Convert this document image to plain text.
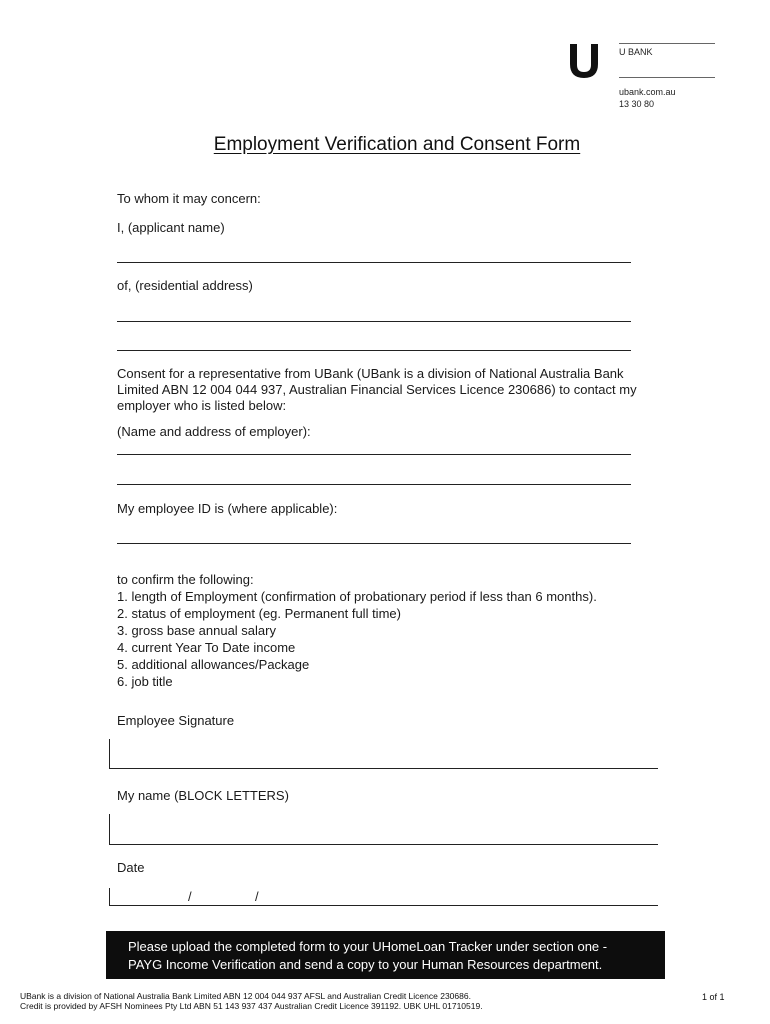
U BANK
ubank.com.au
13 30 80
Employment Verification and Consent Form
To whom it may concern:
I, (applicant name)
of, (residential address)
Consent for a representative from UBank (UBank is a division of National Australia Bank Limited ABN 12 004 044 937, Australian Financial Services Licence 230686) to contact my employer who is listed below:
(Name and address of employer):
My employee ID is (where applicable):
to confirm the following:
1. length of Employment (confirmation of probationary period if less than 6 months).
2. status of employment (eg. Permanent full time)
3. gross base annual salary
4. current Year To Date income
5. additional allowances/Package
6. job title
Employee Signature
My name (BLOCK LETTERS)
Date
/	/
Please upload the completed form to your UHomeLoan Tracker under section one -
PAYG Income Verification and send a copy to your Human Resources department.
UBank is a division of National Australia Bank Limited ABN 12 004 044 937 AFSL and Australian Credit Licence 230686.
Credit is provided by AFSH Nominees Pty Ltd ABN 51 143 937 437 Australian Credit Licence 391192. UBK UHL 01710519.
1 of 1
